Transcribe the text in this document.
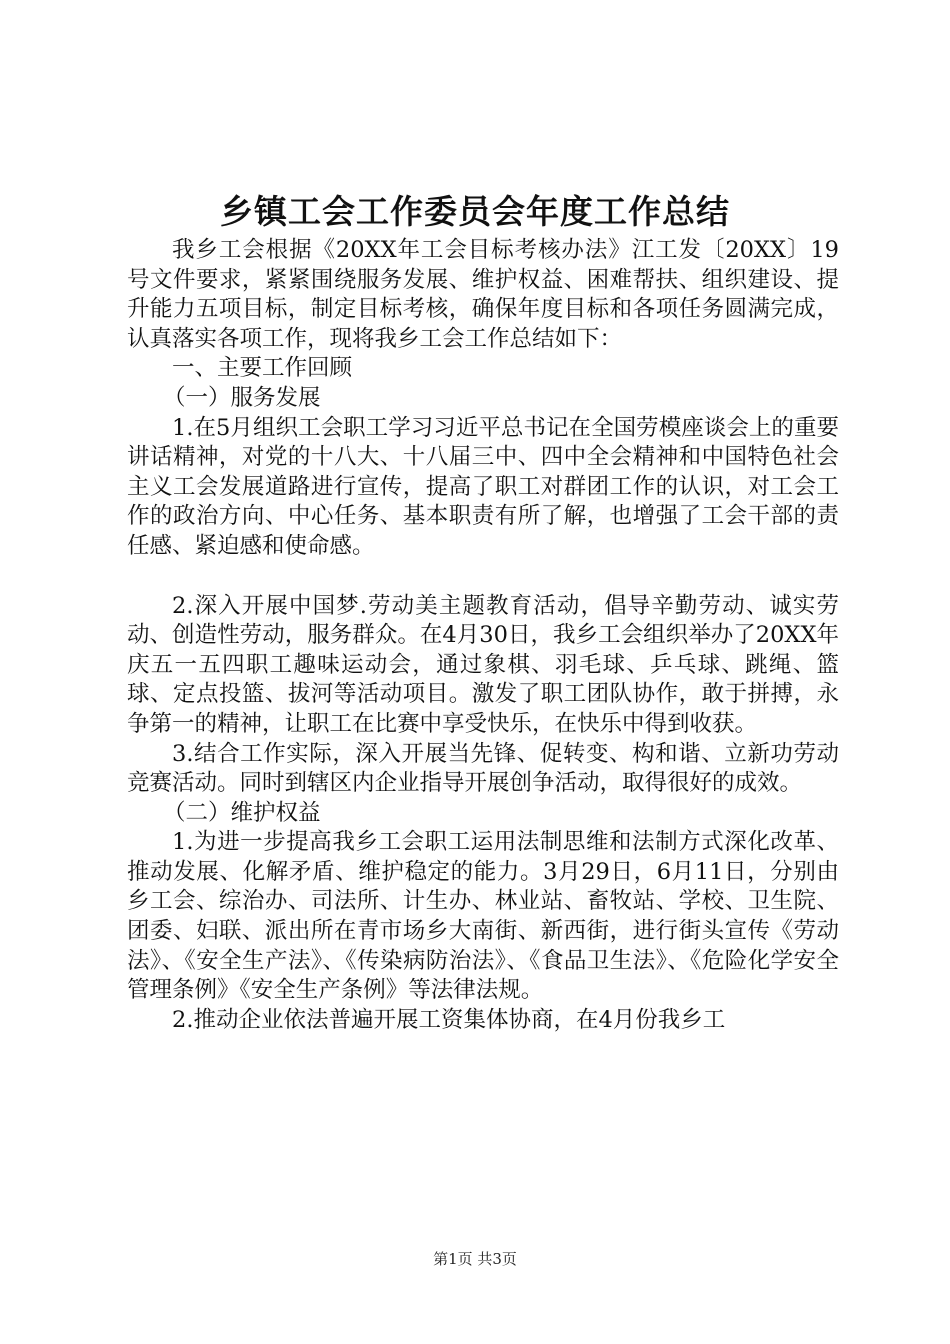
乡镇工会工作委员会年度工作总结

我乡工会根据《20XX年工会目标考核办法》江工发〔20XX〕19号文件要求，紧紧围绕服务发展、维护权益、困难帮扶、组织建设、提升能力五项目标，制定目标考核，确保年度目标和各项任务圆满完成，认真落实各项工作，现将我乡工会工作总结如下：

一、主要工作回顾

（一）服务发展

1.在5月组织工会职工学习习近平总书记在全国劳模座谈会上的重要讲话精神，对党的十八大、十八届三中、四中全会精神和中国特色社会主义工会发展道路进行宣传，提高了职工对群团工作的认识，对工会工作的政治方向、中心任务、基本职责有所了解，也增强了工会干部的责任感、紧迫感和使命感。

2.深入开展中国梦.劳动美主题教育活动，倡导辛勤劳动、诚实劳动、创造性劳动，服务群众。在4月30日，我乡工会组织举办了20XX年庆五一五四职工趣味运动会，通过象棋、羽毛球、乒乓球、跳绳、篮球、定点投篮、拔河等活动项目。激发了职工团队协作，敢于拼搏，永争第一的精神，让职工在比赛中享受快乐，在快乐中得到收获。

3.结合工作实际，深入开展当先锋、促转变、构和谐、立新功劳动竞赛活动。同时到辖区内企业指导开展创争活动，取得很好的成效。

（二）维护权益

1.为进一步提高我乡工会职工运用法制思维和法制方式深化改革、推动发展、化解矛盾、维护稳定的能力。3月29日，6月11日，分别由乡工会、综治办、司法所、计生办、林业站、畜牧站、学校、卫生院、团委、妇联、派出所在青市场乡大南街、新西街，进行街头宣传《劳动法》、《安全生产法》、《传染病防治法》、《食品卫生法》、《危险化学安全管理条例》《安全生产条例》等法律法规。

2.推动企业依法普遍开展工资集体协商，在4月份我乡工

第1页 共3页
